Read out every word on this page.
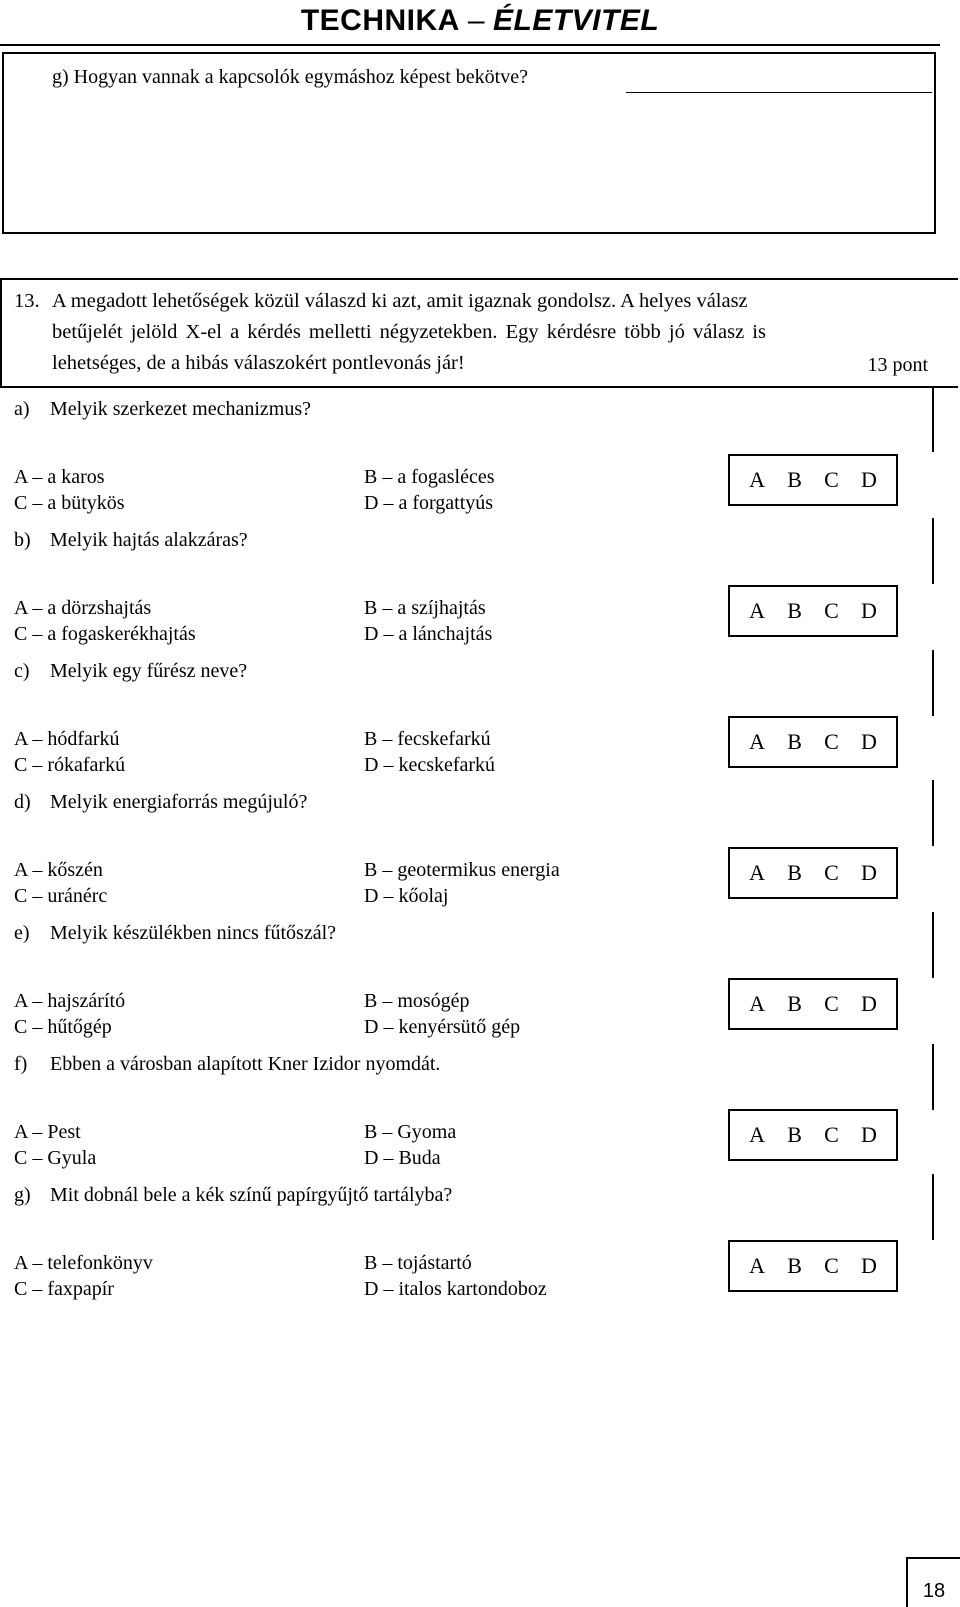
TECHNIKA – ÉLETVITEL
g) Hogyan vannak a kapcsolók egymáshoz képest bekötve?
13. A megadott lehetőségek közül válaszd ki azt, amit igaznak gondolsz. A helyes válasz
betűjelét jelöld X-el a kérdés melletti négyzetekben. Egy kérdésre több jó válasz is
lehetséges, de a hibás válaszokért pontlevonás jár!	13 pont
a) Melyik szerkezet mechanizmus?
A – a karos	B – a fogasléces
C – a bütykös	D – a forgattyús
A B C D
b) Melyik hajtás alakzáras?
A – a dörzshajtás	B – a szíjhajtás
C – a fogaskerékhajtás	D – a lánchajtás
A B C D
c) Melyik egy fűrész neve?
A – hódfarkú	B – fecskefarkú
C – rókafarkú	D – kecskefarkú
A B C D
d) Melyik energiaforrás megújuló?
A – kőszén	B – geotermikus energia
C – uránérc	D – kőolaj
A B C D
e) Melyik készülékben nincs fűtőszál?
A – hajszárító	B – mosógép
C – hűtőgép	D – kenyérsütő gép
A B C D
f) Ebben a városban alapított Kner Izidor nyomdát.
A – Pest	B – Gyoma
C – Gyula	D – Buda
A B C D
g) Mit dobnál bele a kék színű papírgyűjtő tartályba?
A – telefonkönyv	B – tojástartó
C – faxpapír	D – italos kartondoboz
A B C D
18
